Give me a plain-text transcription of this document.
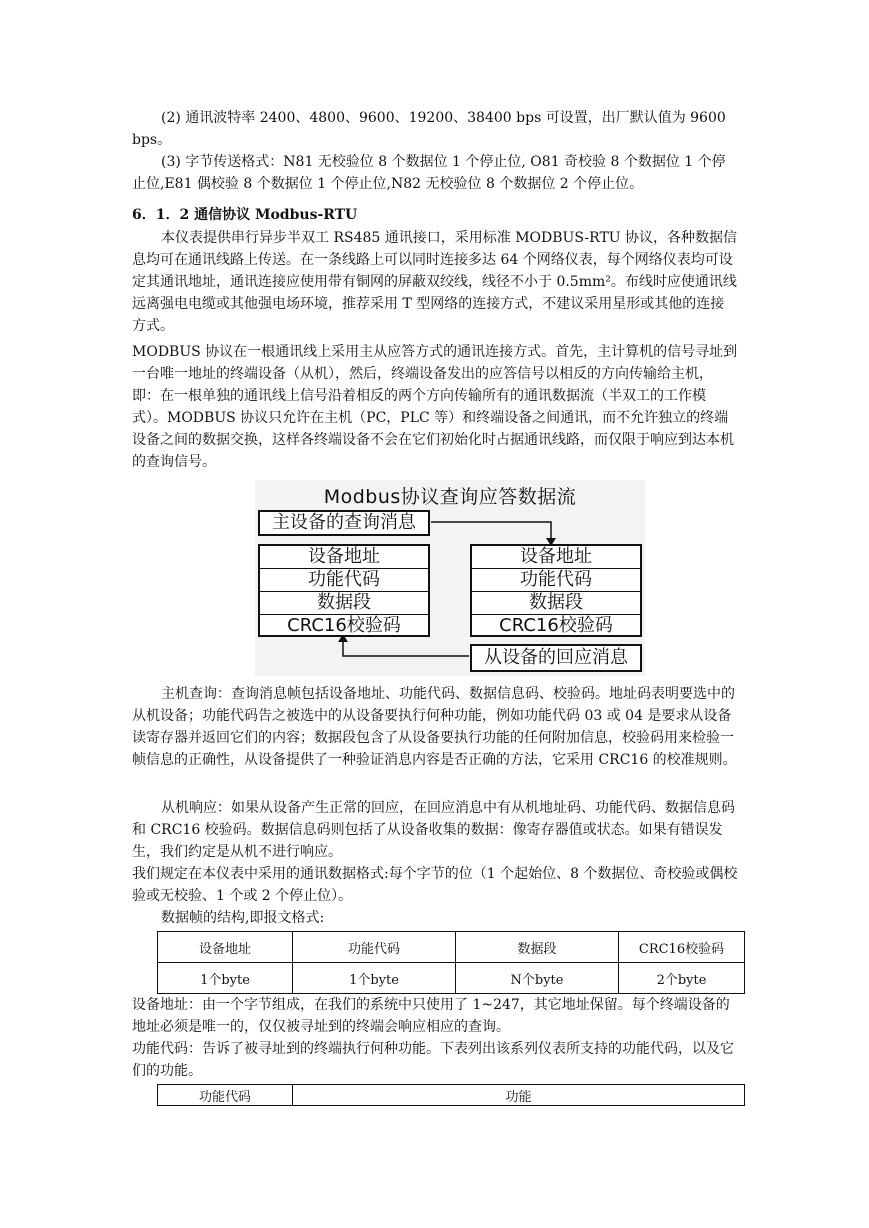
(2) 通讯波特率 2400、4800、9600、19200、38400 bps 可设置，出厂默认值为 9600 bps。

(3) 字节传送格式：N81 无校验位 8 个数据位 1 个停止位, O81 奇校验 8 个数据位 1 个停止位,E81 偶校验 8 个数据位 1 个停止位,N82 无校验位 8 个数据位 2 个停止位。

6．1．2 通信协议 Modbus-RTU

本仪表提供串行异步半双工 RS485 通讯接口，采用标准 MODBUS-RTU 协议，各种数据信息均可在通讯线路上传送。在一条线路上可以同时连接多达 64 个网络仪表，每个网络仪表均可设定其通讯地址，通讯连接应使用带有铜网的屏蔽双绞线，线径不小于 0.5mm²。布线时应使通讯线远离强电电缆或其他强电场环境，推荐采用 T 型网络的连接方式，不建议采用星形或其他的连接方式。

MODBUS 协议在一根通讯线上采用主从应答方式的通讯连接方式。首先，主计算机的信号寻址到一台唯一地址的终端设备（从机），然后，终端设备发出的应答信号以相反的方向传输给主机，即：在一根单独的通讯线上信号沿着相反的两个方向传输所有的通讯数据流（半双工的工作模式）。MODBUS 协议只允许在主机（PC，PLC 等）和终端设备之间通讯，而不允许独立的终端设备之间的数据交换，这样各终端设备不会在它们初始化时占据通讯线路，而仅限于响应到达本机的查询信号。

Modbus协议查询应答数据流
主设备的查询消息
设备地址
功能代码
数据段
CRC16校验码
设备地址
功能代码
数据段
CRC16校验码
从设备的回应消息

主机查询：查询消息帧包括设备地址、功能代码、数据信息码、校验码。地址码表明要选中的从机设备；功能代码告之被选中的从设备要执行何种功能，例如功能代码 03 或 04 是要求从设备读寄存器并返回它们的内容；数据段包含了从设备要执行功能的任何附加信息，校验码用来检验一帧信息的正确性，从设备提供了一种验证消息内容是否正确的方法，它采用 CRC16 的校准规则。

从机响应：如果从设备产生正常的回应，在回应消息中有从机地址码、功能代码、数据信息码和 CRC16 校验码。数据信息码则包括了从设备收集的数据：像寄存器值或状态。如果有错误发生，我们约定是从机不进行响应。

我们规定在本仪表中采用的通讯数据格式:每个字节的位（1 个起始位、8 个数据位、奇校验或偶校验或无校验、1 个或 2 个停止位）。

数据帧的结构,即报文格式:

设备地址	功能代码	数据段	CRC16校验码
1个byte	1个byte	N个byte	2个byte

设备地址：由一个字节组成，在我们的系统中只使用了 1~247，其它地址保留。每个终端设备的地址必须是唯一的，仅仅被寻址到的终端会响应相应的查询。

功能代码：告诉了被寻址到的终端执行何种功能。下表列出该系列仪表所支持的功能代码，以及它们的功能。

功能代码	功能
